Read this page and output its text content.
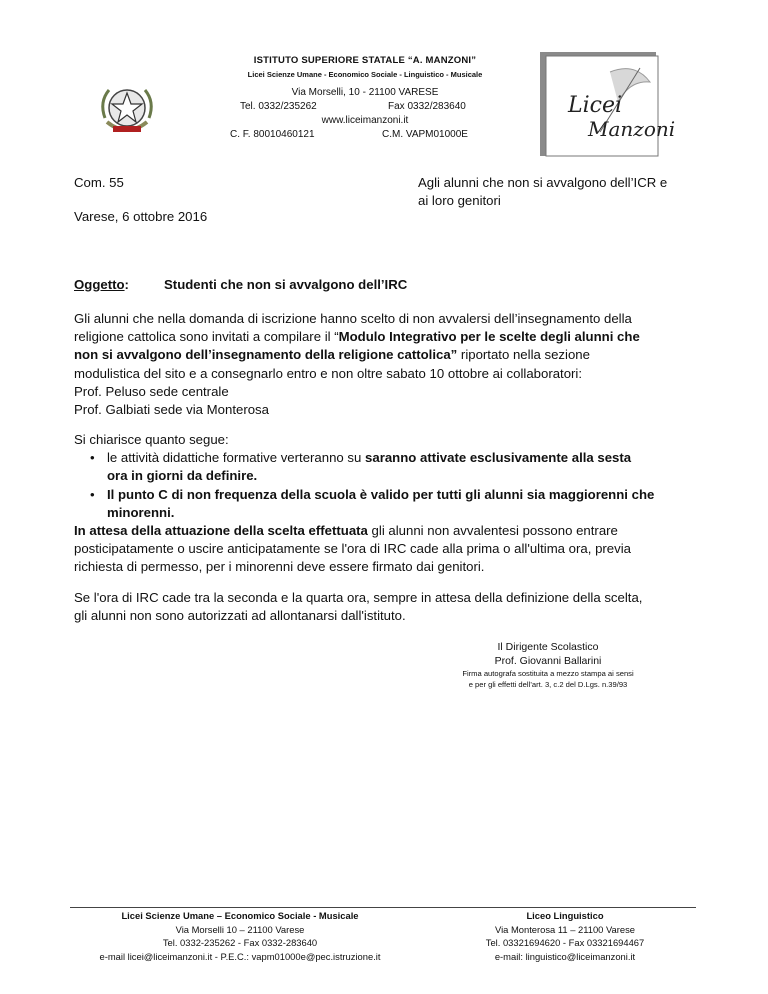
ISTITUTO SUPERIORE STATALE “A. MANZONI”
Licei Scienze Umane - Economico Sociale - Linguistico - Musicale
Via Morselli, 10 - 21100 VARESE
Tel. 0332/235262	Fax 0332/283640
www.liceimanzoni.it
C. F. 80010460121	C.M. VAPM01000E
Licei
Manzoni
Com. 55	Agli alunni che non si avvalgono dell’ICR e
ai loro genitori
Varese, 6 ottobre 2016
Oggetto:	Studenti che non si avvalgono dell’IRC
Gli alunni che nella domanda di iscrizione hanno scelto di non avvalersi dell’insegnamento della
religione cattolica sono invitati a compilare il “Modulo Integrativo per le scelte degli alunni che
non si avvalgono dell’insegnamento della religione cattolica” riportato nella sezione
modulistica del sito e a consegnarlo entro e non oltre sabato 10 ottobre ai collaboratori:
Prof. Peluso sede centrale
Prof. Galbiati sede via Monterosa
Si chiarisce quanto segue:
• le attività didattiche formative verteranno su saranno attivate esclusivamente alla sesta
ora in giorni da definire.
• Il punto C di non frequenza della scuola è valido per tutti gli alunni sia maggiorenni che
minorenni.
In attesa della attuazione della scelta effettuata gli alunni non avvalentesi possono entrare
posticipatamente o uscire anticipatamente se l'ora di IRC cade alla prima o all'ultima ora, previa
richiesta di permesso, per i minorenni deve essere firmato dai genitori.
Se l'ora di IRC cade tra la seconda e la quarta ora, sempre in attesa della definizione della scelta,
gli alunni non sono autorizzati ad allontanarsi dall'istituto.
Il Dirigente Scolastico
Prof. Giovanni Ballarini
Firma autografa sostituita a mezzo stampa ai sensi
e per gli effetti dell’art. 3, c.2 del D.Lgs. n.39/93
Licei Scienze Umane – Economico Sociale - Musicale
Via Morselli 10 – 21100 Varese
Tel. 0332-235262 - Fax 0332-283640
e-mail licei@liceimanzoni.it - P.E.C.: vapm01000e@pec.istruzione.it
Liceo Linguistico
Via Monterosa 11 – 21100 Varese
Tel. 03321694620 - Fax 03321694467
e-mail: linguistico@liceimanzoni.it
